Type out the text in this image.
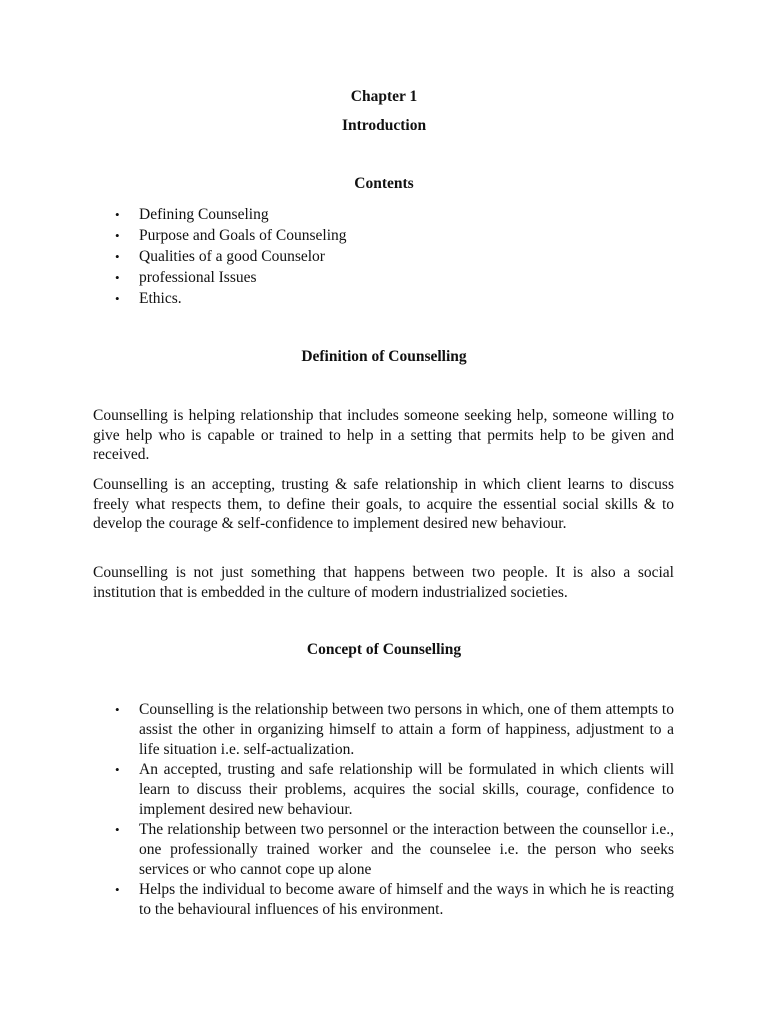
Chapter 1
Introduction
Contents
• Defining Counseling
• Purpose and Goals of Counseling
• Qualities of a good Counselor
• professional Issues
• Ethics.
Definition of Counselling

Counselling is helping relationship that includes someone seeking help, someone willing to give help who is capable or trained to help in a setting that permits help to be given and received.

Counselling is an accepting, trusting & safe relationship in which client learns to discuss freely what respects them, to define their goals, to acquire the essential social skills & to develop the courage & self-confidence to implement desired new behaviour.

Counselling is not just something that happens between two people. It is also a social institution that is embedded in the culture of modern industrialized societies.

Concept of Counselling
• Counselling is the relationship between two persons in which, one of them attempts to assist the other in organizing himself to attain a form of happiness, adjustment to a life situation i.e. self-actualization.
• An accepted, trusting and safe relationship will be formulated in which clients will learn to discuss their problems, acquires the social skills, courage, confidence to implement desired new behaviour.
• The relationship between two personnel or the interaction between the counsellor i.e., one professionally trained worker and the counselee i.e. the person who seeks services or who cannot cope up alone
• Helps the individual to become aware of himself and the ways in which he is reacting to the behavioural influences of his environment.
